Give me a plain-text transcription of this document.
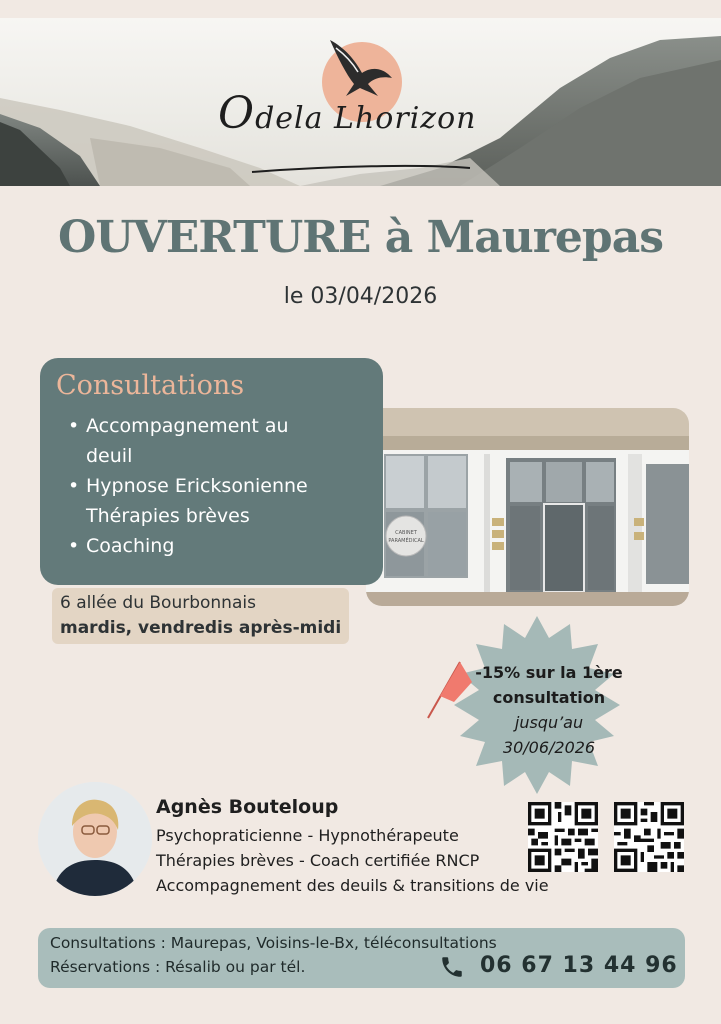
Odela Lhorizon
OUVERTURE à Maurepas
le 03/04/2026
CABINET
PARAMÉDICAL
Consultations
• Accompagnement au
deuil
• Hypnose Ericksonienne
Thérapies brèves
• Coaching
6 allée du Bourbonnais
mardis, vendredis après-midi
-15% sur la 1ère
consultation
jusqu’au
30/06/2026
Agnès Bouteloup
Psychopraticienne - Hypnothérapeute
Thérapies brèves - Coach certifiée RNCP
Accompagnement des deuils & transitions de vie
Consultations : Maurepas, Voisins-le-Bx, téléconsultations
Réservations : Résalib ou par tél.	06 67 13 44 96
